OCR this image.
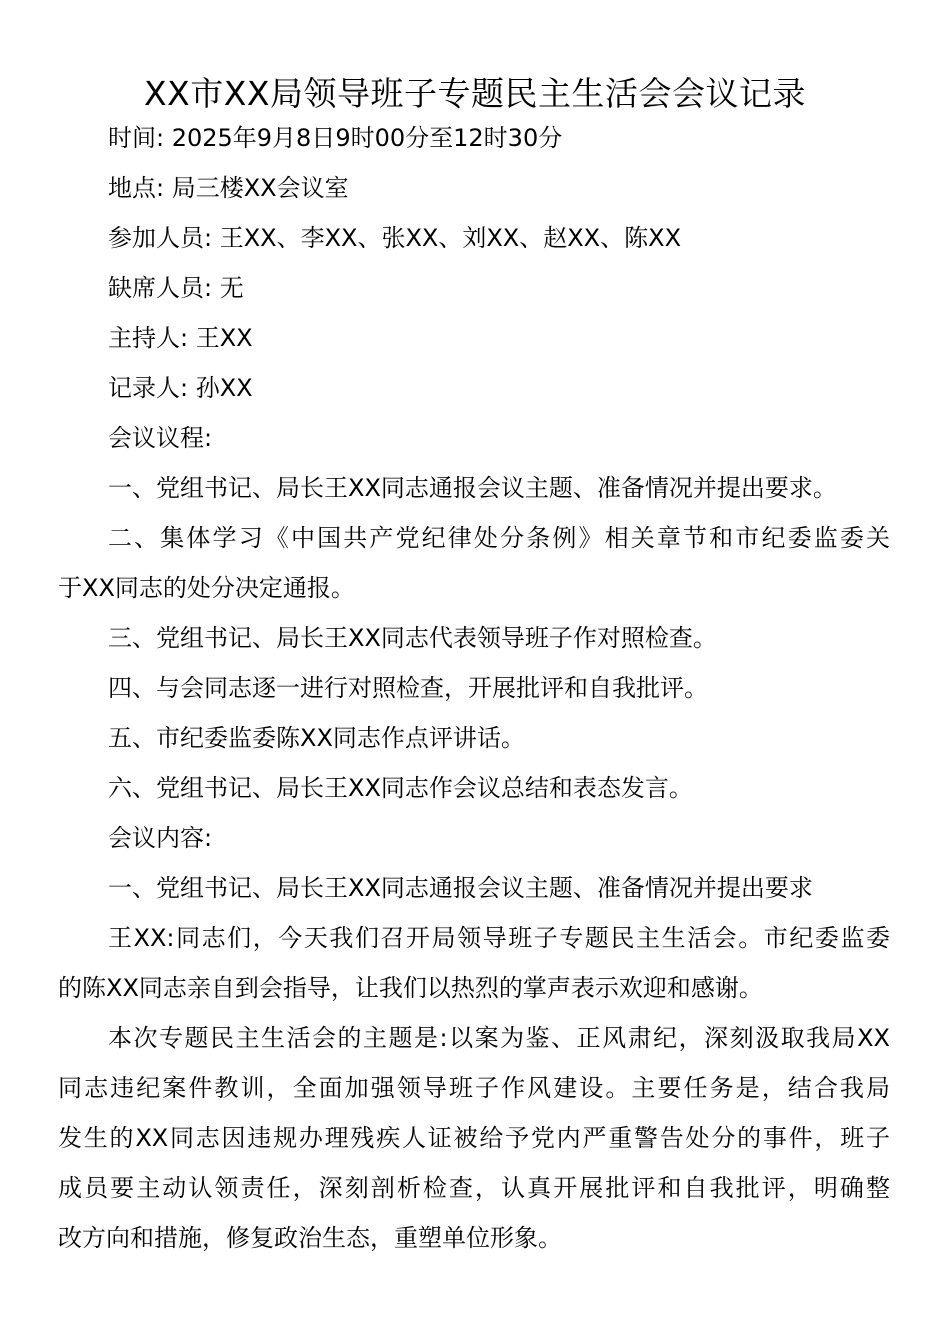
XX市XX局领导班子专题民主生活会会议记录
时间: 2025年9月8日9时00分至12时30分
地点: 局三楼XX会议室
参加人员: 王XX、李XX、张XX、刘XX、赵XX、陈XX
缺席人员: 无
主持人: 王XX
记录人: 孙XX
会议议程:
一、党组书记、局长王XX同志通报会议主题、准备情况并提出要求。
二、集体学习《中国共产党纪律处分条例》相关章节和市纪委监委关
于XX同志的处分决定通报。
三、党组书记、局长王XX同志代表领导班子作对照检查。
四、与会同志逐一进行对照检查，开展批评和自我批评。
五、市纪委监委陈XX同志作点评讲话。
六、党组书记、局长王XX同志作会议总结和表态发言。
会议内容:
一、党组书记、局长王XX同志通报会议主题、准备情况并提出要求
王XX:同志们，今天我们召开局领导班子专题民主生活会。市纪委监委
的陈XX同志亲自到会指导，让我们以热烈的掌声表示欢迎和感谢。
本次专题民主生活会的主题是:以案为鉴、正风肃纪，深刻汲取我局XX
同志违纪案件教训，全面加强领导班子作风建设。主要任务是，结合我局
发生的XX同志因违规办理残疾人证被给予党内严重警告处分的事件，班子
成员要主动认领责任，深刻剖析检查，认真开展批评和自我批评，明确整
改方向和措施，修复政治生态，重塑单位形象。
